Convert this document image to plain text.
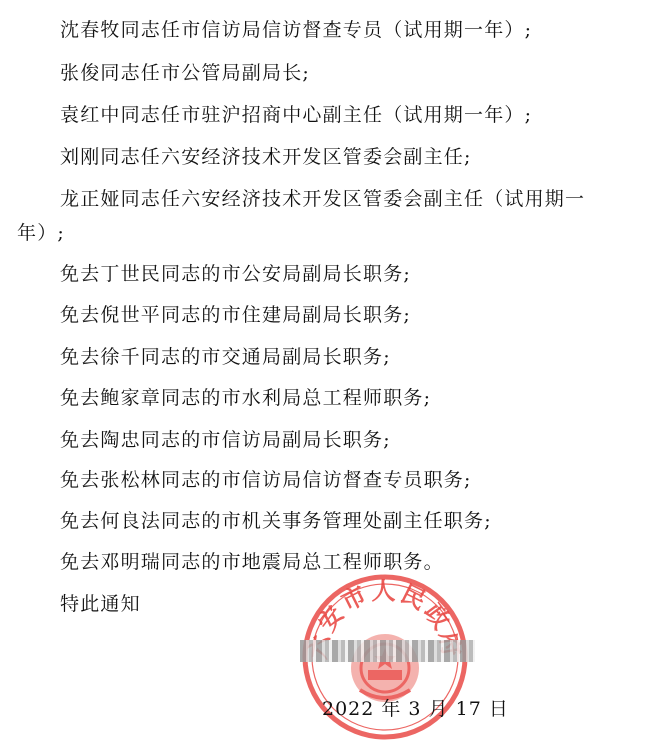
沈春牧同志任市信访局信访督查专员（试用期一年）;
张俊同志任市公管局副局长;
袁红中同志任市驻沪招商中心副主任（试用期一年）;
刘刚同志任六安经济技术开发区管委会副主任;
龙正娅同志任六安经济技术开发区管委会副主任（试用期一
年）;
免去丁世民同志的市公安局副局长职务;
免去倪世平同志的市住建局副局长职务;
免去徐千同志的市交通局副局长职务;
免去鲍家章同志的市水利局总工程师职务;
免去陶忠同志的市信访局副局长职务;
免去张松林同志的市信访局信访督查专员职务;
免去何良法同志的市机关事务管理处副主任职务;
免去邓明瑞同志的市地震局总工程师职务。
特此通知	安市人民政
2022 年 3 月 17 日
